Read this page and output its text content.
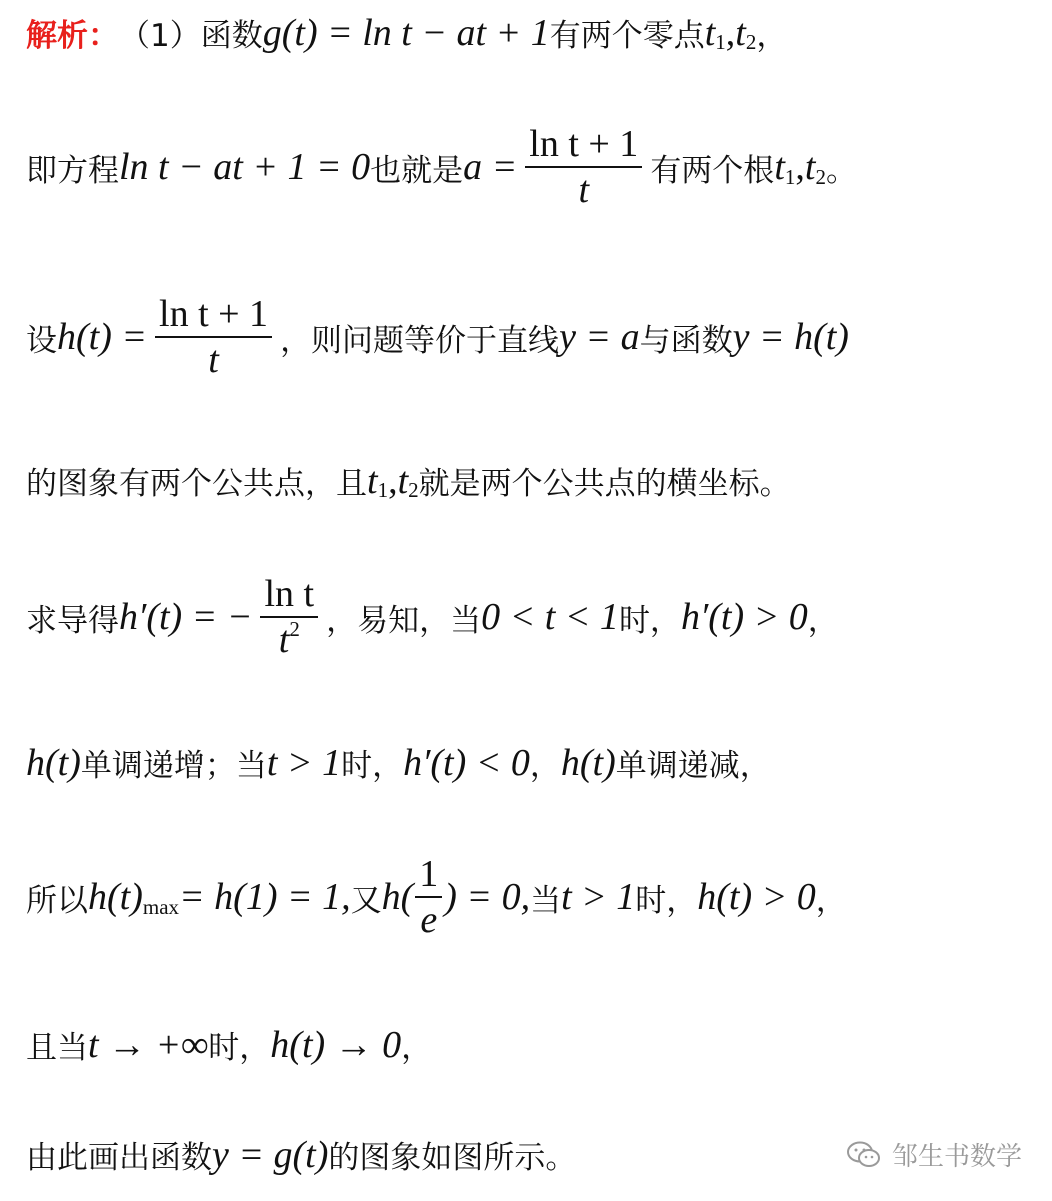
解析： （1）函数 g(t) = ln t − at + 1 有两个零点 t 1 , t 2 ，
即方程 ln t − at + 1 = 0 也就是 $a = \frac{\text{ln t + 1}}{t}$ 有两个根 t 1 , t 2 。
设 $h(t) = \frac{\text{ln t + 1}}{t}$ ，则问题等价于直线 y = a 与函数 y = h(t)
的图象有两个公共点，且 t 1 , t 2 就是两个公共点的横坐标。
求导得 h′(t) = − $\frac{\text{ln t}}{t^2}$ ，易知，当 0 < t < 1 时， h′(t) > 0 ，
h(t) 单调递增；当 t > 1 时， h′(t) < 0 ， h(t) 单调递减，
所以 h(t) max = h(1) = 1, 又 $h( \frac{1}{e}$ ) = 0, 当 t > 1 时， h(t) > 0 ，
且当 t → +∞ 时， h(t) → 0 ，
由此画出函数 y = g(t) 的图象如图所示。	邹生书数学
